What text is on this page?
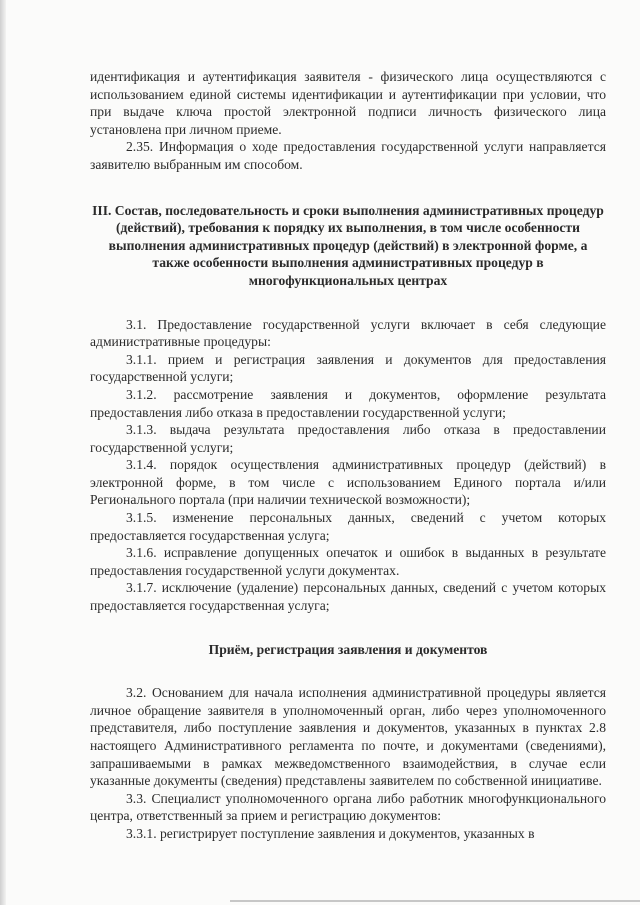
идентификация и аутентификация заявителя - физического лица осуществляются с использованием единой системы идентификации и аутентификации при условии, что при выдаче ключа простой электронной подписи личность физического лица установлена при личном приеме.

2.35. Информация о ходе предоставления государственной услуги направляется заявителю выбранным им способом.

III. Состав, последовательность и сроки выполнения административных процедур (действий), требования к порядку их выполнения, в том числе особенности выполнения административных процедур (действий) в электронной форме, а также особенности выполнения административных процедур в многофункциональных центрах

3.1. Предоставление государственной услуги включает в себя следующие административные процедуры:

3.1.1. прием и регистрация заявления и документов для предоставления государственной услуги;

3.1.2. рассмотрение заявления и документов, оформление результата предоставления либо отказа в предоставлении государственной услуги;

3.1.3. выдача результата предоставления либо отказа в предоставлении государственной услуги;

3.1.4. порядок осуществления административных процедур (действий) в электронной форме, в том числе с использованием Единого портала и/или Регионального портала (при наличии технической возможности);

3.1.5. изменение персональных данных, сведений с учетом которых предоставляется государственная услуга;

3.1.6. исправление допущенных опечаток и ошибок в выданных в результате предоставления государственной услуги документах.

3.1.7. исключение (удаление) персональных данных, сведений с учетом которых предоставляется государственная услуга;

Приём, регистрация заявления и документов

3.2. Основанием для начала исполнения административной процедуры является личное обращение заявителя в уполномоченный орган, либо через уполномоченного представителя, либо поступление заявления и документов, указанных в пунктах 2.8 настоящего Административного регламента по почте, и документами (сведениями), запрашиваемыми в рамках межведомственного взаимодействия, в случае если указанные документы (сведения) представлены заявителем по собственной инициативе.

3.3. Специалист уполномоченного органа либо работник многофункционального центра, ответственный за прием и регистрацию документов:

3.3.1. регистрирует поступление заявления и документов, указанных в
